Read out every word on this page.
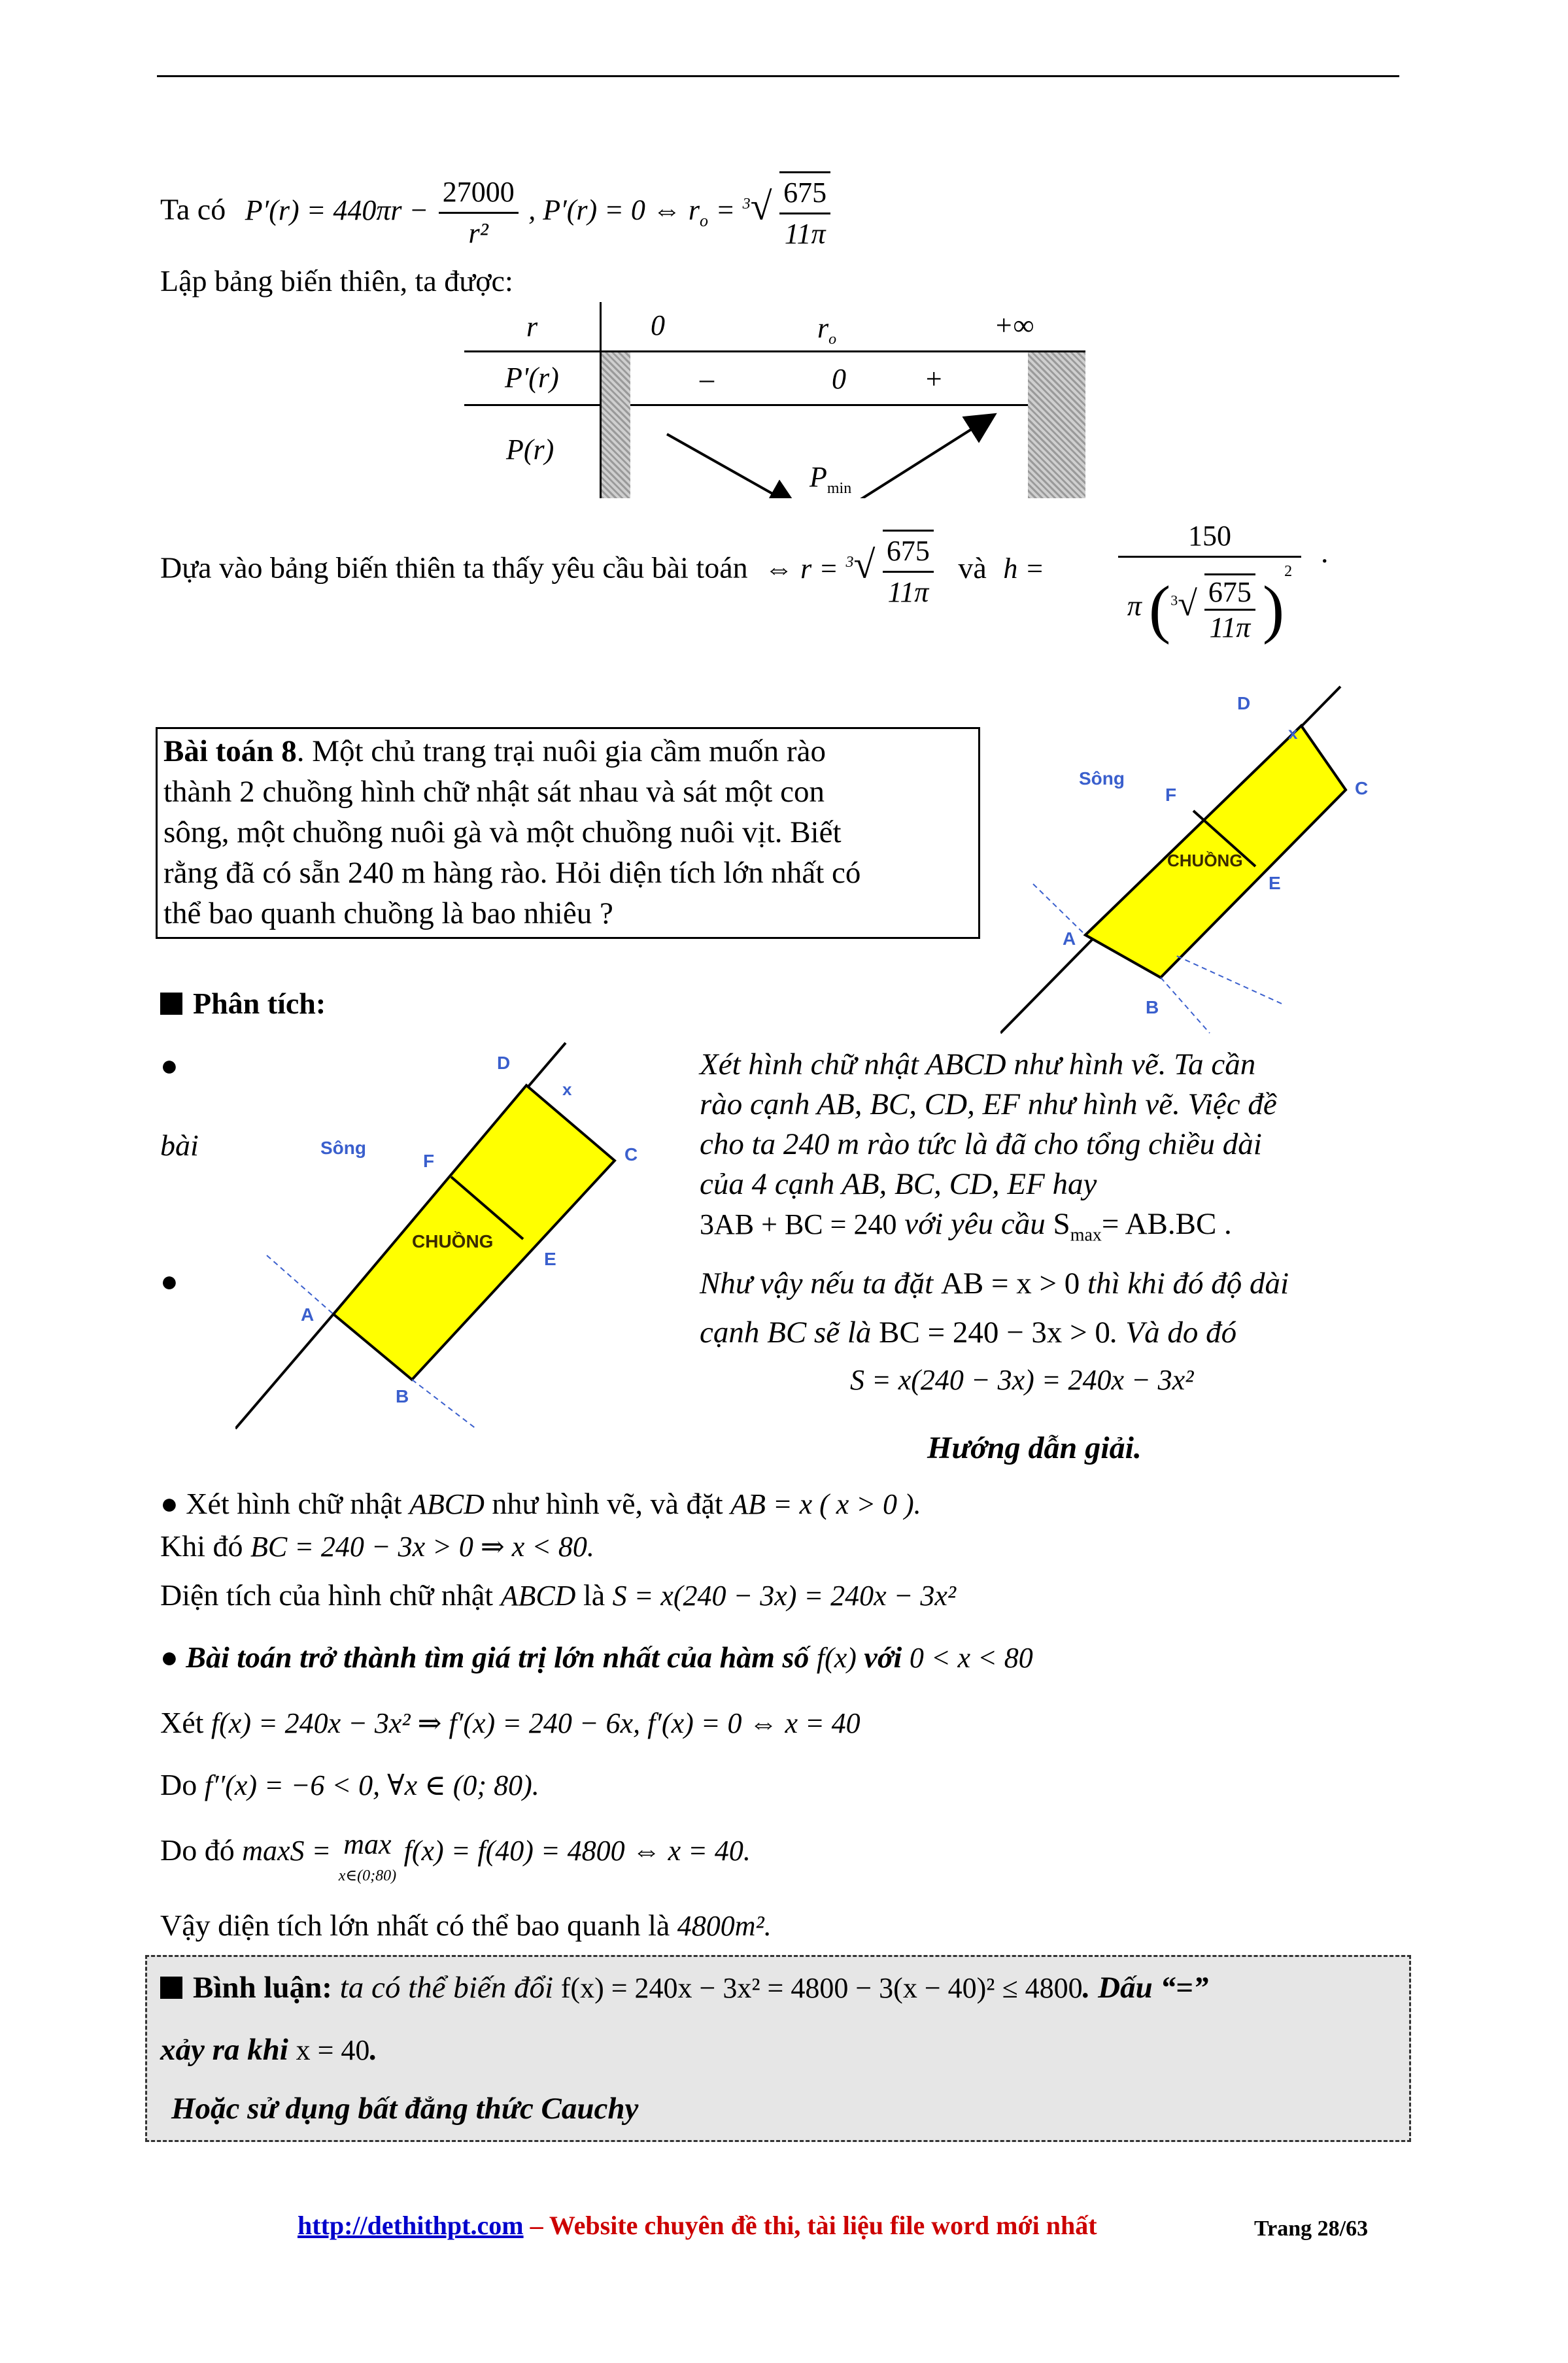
Ta có $P'(r) = 440\pi r - \frac{27000}{\text{r²}}$ , P′(r) = 0 ⇔ $r_o = ^3√ \frac{675}{11\pi}$
Lập bảng biến thiên, ta được:
r	0	$r_o$	+∞
P'(r)	–	0	+
P(r)
$P_{min}$
Dựa vào bảng biến thiên ta thấy yêu cầu bài toán ⇔ $r = ^3√ \frac{675}{11\pi}$ và h =
150
π $(^3√ \frac{675}{11\pi} )^2$
.
Bài toán 8. Một chủ trang trại nuôi gia cầm muốn rào
thành 2 chuồng hình chữ nhật sát nhau và sát một con
sông, một chuồng nuôi gà và một chuồng nuôi vịt. Biết
rằng đã có sẵn 240 m hàng rào. Hỏi diện tích lớn nhất có
thể bao quanh chuồng là bao nhiêu ?
Sông
CHUỒNG
D
x
C
F
E
A
B
Phân tích:
●
bài
●
Sông
CHUỒNG
D
x
C
F
E
A
B
Xét hình chữ nhật ABCD như hình vẽ. Ta cần
rào cạnh AB, BC, CD, EF như hình vẽ. Việc đề
cho ta 240 m rào tức là đã cho tổng chiều dài
của 4 cạnh AB, BC, CD, EF hay
3AB + BC = 240 với yêu cầu $S_{max}= AB.BC$ .
Như vậy nếu ta đặt AB = x > 0 thì khi đó độ dài
cạnh BC sẽ là BC = 240 − 3x > 0. Và do đó
S = x(240 − 3x) = 240x − 3x²
Hướng dẫn giải.
● Xét hình chữ nhật ABCD như hình vẽ, và đặt AB = x ( x > 0 ).
Khi đó BC = 240 − 3x > 0 ⇒ x < 80.
Diện tích của hình chữ nhật ABCD là S = x(240 − 3x) = 240x − 3x²
● Bài toán trở thành tìm giá trị lớn nhất của hàm số f(x) với 0 < x < 80
Xét f(x) = 240x − 3x² ⇒ f′(x) = 240 − 6x, f′(x) = 0 ⇔ x = 40
Do f′′(x) = −6 < 0, ∀x ∈ (0; 80).
Do đó maxS = max
x∈(0;80) f(x) = f(40) = 4800 ⇔ x = 40.
Vậy diện tích lớn nhất có thể bao quanh là 4800m².
Bình luận: ta có thể biến đổi f(x) = 240x − 3x² = 4800 − 3(x − 40)² ≤ 4800. Dấu “=”
xảy ra khi x = 40.
Hoặc sử dụng bất đẳng thức Cauchy
http://dethithpt.com – Website chuyên đề thi, tài liệu file word mới nhất	Trang 28/63
